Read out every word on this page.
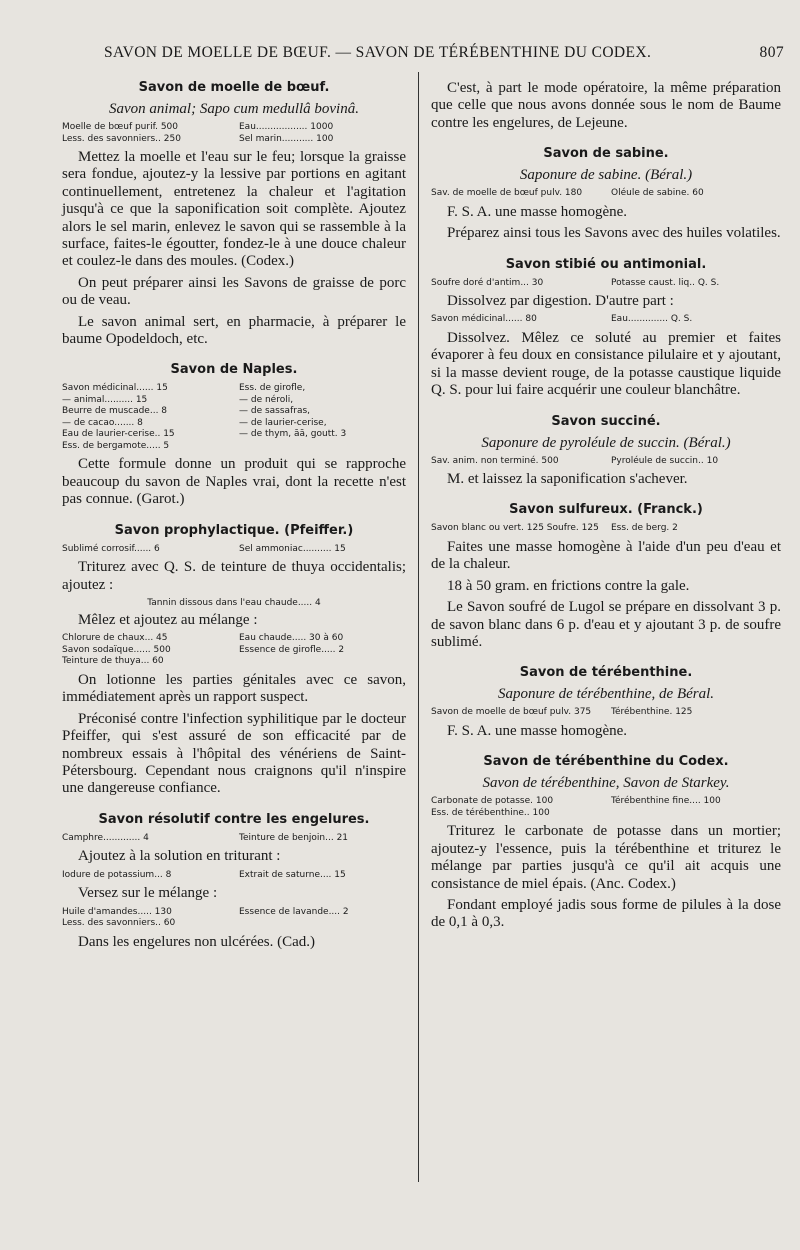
SAVON DE MOELLE DE BŒUF. — SAVON DE TÉRÉBENTHINE DU CODEX.	807
Savon de moelle de bœuf.
Savon animal; Sapo cum medullâ bovinâ.
Moelle de bœuf purif. 500	Eau.................. 1000
Less. des savonniers.. 250	Sel marin........... 100

Mettez la moelle et l'eau sur le feu; lorsque la graisse sera fondue, ajoutez-y la lessive par portions en agitant continuellement, entretenez la chaleur et l'agitation jusqu'à ce que la saponification soit complète. Ajoutez alors le sel marin, enlevez le savon qui se rassemble à la surface, faites-le égoutter, fondez-le à une douce chaleur et coulez-le dans des moules. (Codex.)

On peut préparer ainsi les Savons de graisse de porc ou de veau.

Le savon animal sert, en pharmacie, à préparer le baume Opodeldoch, etc.

Savon de Naples.
Savon médicinal...... 15	Ess. de girofle,
— animal.......... 15	— de néroli,
Beurre de muscade... 8	— de sassafras,
— de cacao....... 8	— de laurier-cerise,
Eau de laurier-cerise.. 15	— de thym, āā, goutt. 3
Ess. de bergamote..... 5

Cette formule donne un produit qui se rapproche beaucoup du savon de Naples vrai, dont la recette n'est pas connue. (Garot.)

Savon prophylactique. (Pfeiffer.)
Sublimé corrosif...... 6	Sel ammoniac.......... 15

Triturez avec Q. S. de teinture de thuya occidentalis; ajoutez :

Tannin dissous dans l'eau chaude..... 4

Mêlez et ajoutez au mélange :

Chlorure de chaux... 45	Eau chaude..... 30 à 60
Savon sodaïque...... 500	Essence de girofle..... 2
Teinture de thuya... 60

On lotionne les parties génitales avec ce savon, immédiatement après un rapport suspect.

Préconisé contre l'infection syphilitique par le docteur Pfeiffer, qui s'est assuré de son efficacité par de nombreux essais à l'hôpital des vénériens de Saint-Pétersbourg. Cependant nous craignons qu'il n'inspire une dangereuse confiance.

Savon résolutif contre les engelures.
Camphre............. 4	Teinture de benjoin... 21

Ajoutez à la solution en triturant :

Iodure de potassium... 8	Extrait de saturne.... 15

Versez sur le mélange :

Huile d'amandes..... 130	Essence de lavande.... 2
Less. des savonniers.. 60

Dans les engelures non ulcérées. (Cad.)

C'est, à part le mode opératoire, la même préparation que celle que nous avons donnée sous le nom de Baume contre les engelures, de Lejeune.

Savon de sabine.
Saponure de sabine. (Béral.)
Sav. de moelle de bœuf pulv. 180	Oléule de sabine. 60

F. S. A. une masse homogène.

Préparez ainsi tous les Savons avec des huiles volatiles.

Savon stibié ou antimonial.
Soufre doré d'antim... 30	Potasse caust. liq.. Q. S.

Dissolvez par digestion. D'autre part :

Savon médicinal...... 80	Eau.............. Q. S.

Dissolvez. Mêlez ce soluté au premier et faites évaporer à feu doux en consistance pilulaire et y ajoutant, si la masse devient rouge, de la potasse caustique liquide Q. S. pour lui faire acquérir une couleur blanchâtre.

Savon succiné.
Saponure de pyroléule de succin. (Béral.)
Sav. anim. non terminé. 500	Pyroléule de succin.. 10

M. et laissez la saponification s'achever.

Savon sulfureux. (Franck.)
Savon blanc ou vert. 125 Soufre. 125 Ess. de berg. 2

Faites une masse homogène à l'aide d'un peu d'eau et de la chaleur.

18 à 50 gram. en frictions contre la gale.

Le Savon soufré de Lugol se prépare en dissolvant 3 p. de savon blanc dans 6 p. d'eau et y ajoutant 3 p. de soufre sublimé.

Savon de térébenthine.
Saponure de térébenthine, de Béral.
Savon de moelle de bœuf pulv. 375	Térébenthine. 125

F. S. A. une masse homogène.

Savon de térébenthine du Codex.
Savon de térébenthine, Savon de Starkey.
Carbonate de potasse. 100	Térébenthine fine.... 100
Ess. de térébenthine.. 100

Triturez le carbonate de potasse dans un mortier; ajoutez-y l'essence, puis la térébenthine et triturez le mélange par parties jusqu'à ce qu'il ait acquis une consistance de miel épais. (Anc. Codex.)

Fondant employé jadis sous forme de pilules à la dose de 0,1 à 0,3.
